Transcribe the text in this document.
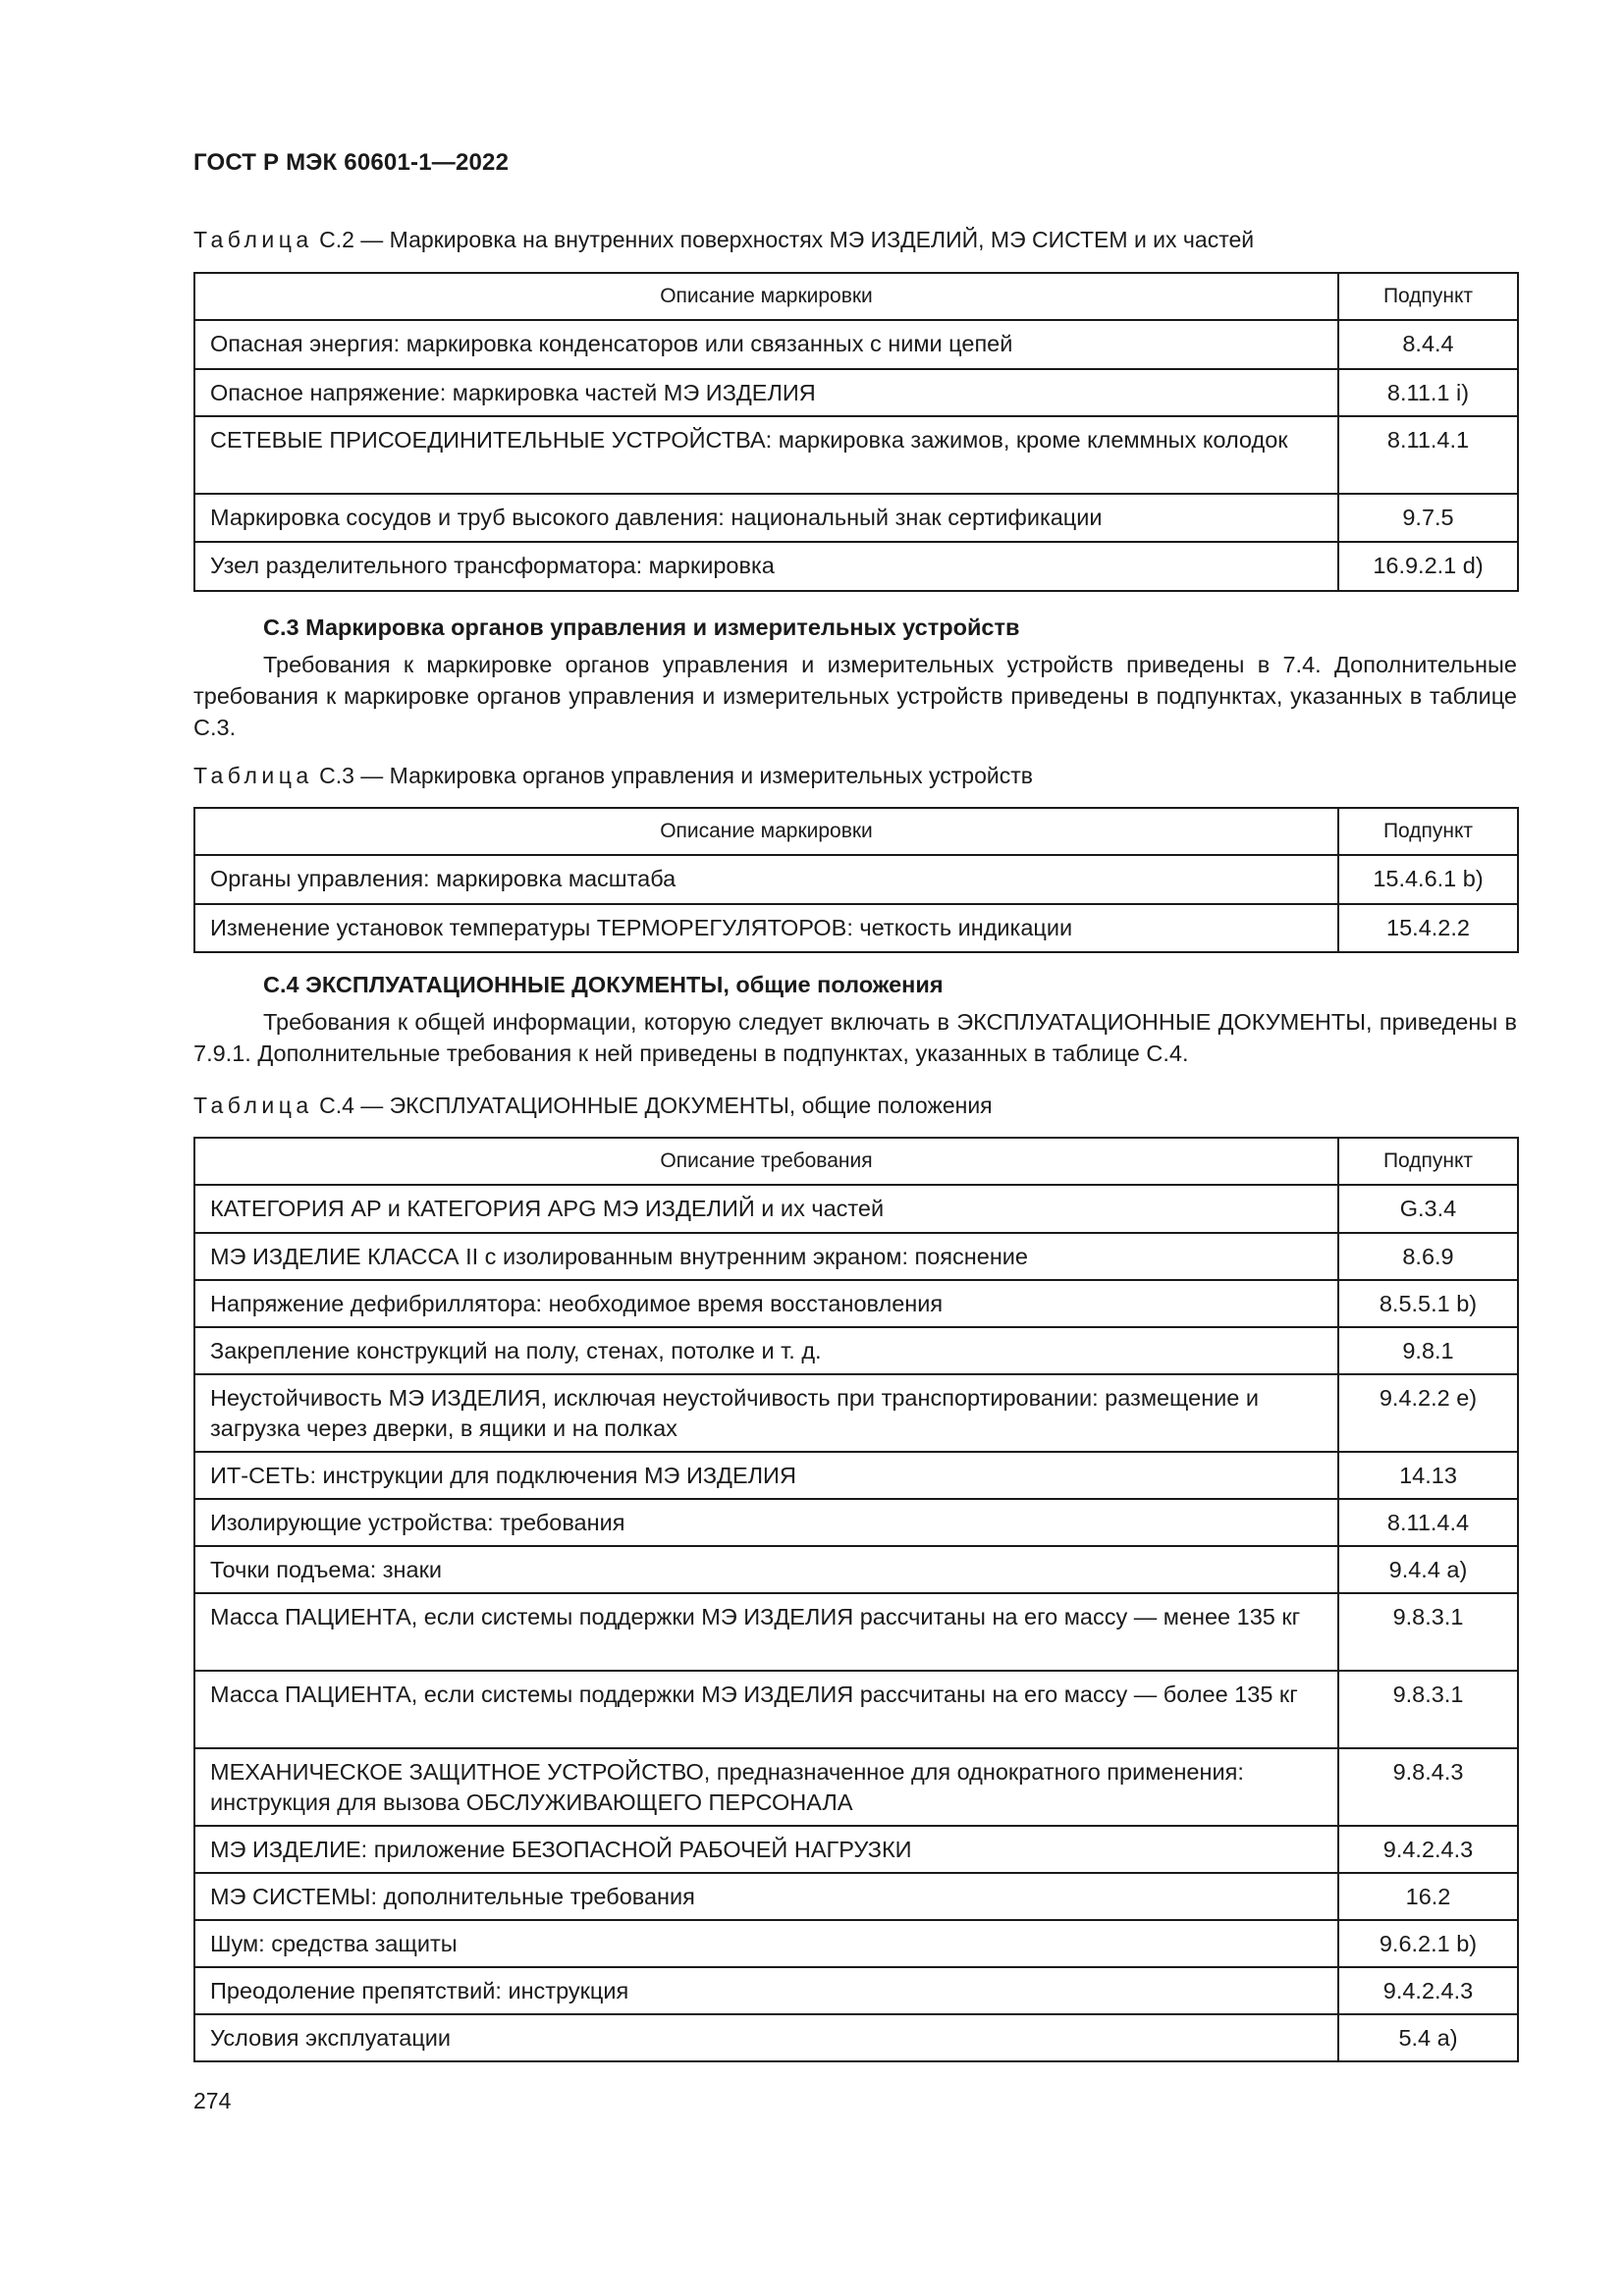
ГОСТ Р МЭК 60601-1—2022
Таблица С.2 — Маркировка на внутренних поверхностях МЭ ИЗДЕЛИЙ, МЭ СИСТЕМ и их частей
Описание маркировки	Подпункт
Опасная энергия: маркировка конденсаторов или связанных с ними цепей	8.4.4
Опасное напряжение: маркировка частей МЭ ИЗДЕЛИЯ	8.11.1 i)
СЕТЕВЫЕ ПРИСОЕДИНИТЕЛЬНЫЕ УСТРОЙСТВА: маркировка зажимов, кроме клеммных колодок	8.11.4.1
Маркировка сосудов и труб высокого давления: национальный знак сертификации	9.7.5
Узел разделительного трансформатора: маркировка	16.9.2.1 d)
С.3 Маркировка органов управления и измерительных устройств
Требования к маркировке органов управления и измерительных устройств приведены в 7.4. Дополнительные требования к маркировке органов управления и измерительных устройств приведены в подпунктах, указанных в таблице С.3.
Таблица С.3 — Маркировка органов управления и измерительных устройств
Описание маркировки	Подпункт
Органы управления: маркировка масштаба	15.4.6.1 b)
Изменение установок температуры ТЕРМОРЕГУЛЯТОРОВ: четкость индикации	15.4.2.2
С.4 ЭКСПЛУАТАЦИОННЫЕ ДОКУМЕНТЫ, общие положения
Требования к общей информации, которую следует включать в ЭКСПЛУАТАЦИОННЫЕ ДОКУМЕНТЫ, приведены в 7.9.1. Дополнительные требования к ней приведены в подпунктах, указанных в таблице С.4.
Таблица С.4 — ЭКСПЛУАТАЦИОННЫЕ ДОКУМЕНТЫ, общие положения
Описание требования	Подпункт
КАТЕГОРИЯ AP и КАТЕГОРИЯ APG МЭ ИЗДЕЛИЙ и их частей	G.3.4
МЭ ИЗДЕЛИЕ КЛАССА II с изолированным внутренним экраном: пояснение	8.6.9
Напряжение дефибриллятора: необходимое время восстановления	8.5.5.1 b)
Закрепление конструкций на полу, стенах, потолке и т. д.	9.8.1
Неустойчивость МЭ ИЗДЕЛИЯ, исключая неустойчивость при транспортировании: размещение и загрузка через дверки, в ящики и на полках	9.4.2.2 e)
ИТ-СЕТЬ: инструкции для подключения МЭ ИЗДЕЛИЯ	14.13
Изолирующие устройства: требования	8.11.4.4
Точки подъема: знаки	9.4.4 a)
Масса ПАЦИЕНТА, если системы поддержки МЭ ИЗДЕЛИЯ рассчитаны на его массу — менее 135 кг	9.8.3.1
Масса ПАЦИЕНТА, если системы поддержки МЭ ИЗДЕЛИЯ рассчитаны на его массу — более 135 кг	9.8.3.1
МЕХАНИЧЕСКОЕ ЗАЩИТНОЕ УСТРОЙСТВО, предназначенное для однократного применения: инструкция для вызова ОБСЛУЖИВАЮЩЕГО ПЕРСОНАЛА	9.8.4.3
МЭ ИЗДЕЛИЕ: приложение БЕЗОПАСНОЙ РАБОЧЕЙ НАГРУЗКИ	9.4.2.4.3
МЭ СИСТЕМЫ: дополнительные требования	16.2
Шум: средства защиты	9.6.2.1 b)
Преодоление препятствий: инструкция	9.4.2.4.3
Условия эксплуатации	5.4 a)
274
